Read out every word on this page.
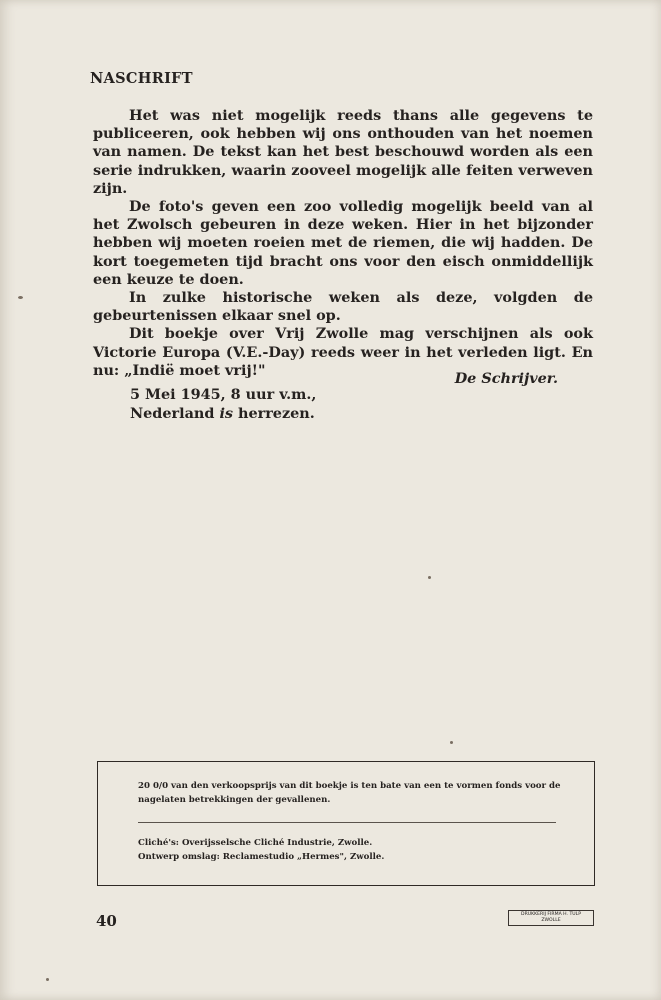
NASCHRIFT

Het was niet mogelijk reeds thans alle gegevens te publiceeren, ook hebben wij ons onthouden van het noemen van namen. De tekst kan het best beschouwd worden als een serie indrukken, waarin zooveel mogelijk alle feiten verweven zijn.

De foto's geven een zoo volledig mogelijk beeld van al het Zwolsch gebeuren in deze weken. Hier in het bijzonder hebben wij moeten roeien met de riemen, die wij hadden. De kort toegemeten tijd bracht ons voor den eisch onmiddellijk een keuze te doen.

In zulke historische weken als deze, volgden de gebeurtenissen elkaar snel op.

Dit boekje over Vrij Zwolle mag verschijnen als ook Victorie Europa (V.E.-Day) reeds weer in het verleden ligt. En nu: „Indië moet vrij!"	De Schrijver.
5 Mei 1945, 8 uur v.m.,
Nederland is herrezen.
20 0/0 van den verkoopsprijs van dit boekje is ten bate van een te vormen fonds voor de nagelaten betrekkingen der gevallenen.
Cliché's: Overijsselsche Cliché Industrie, Zwolle.
Ontwerp omslag: Reclamestudio „Hermes", Zwolle.
40	DRUKKERIJ FIRMA H. TULP
ZWOLLE
